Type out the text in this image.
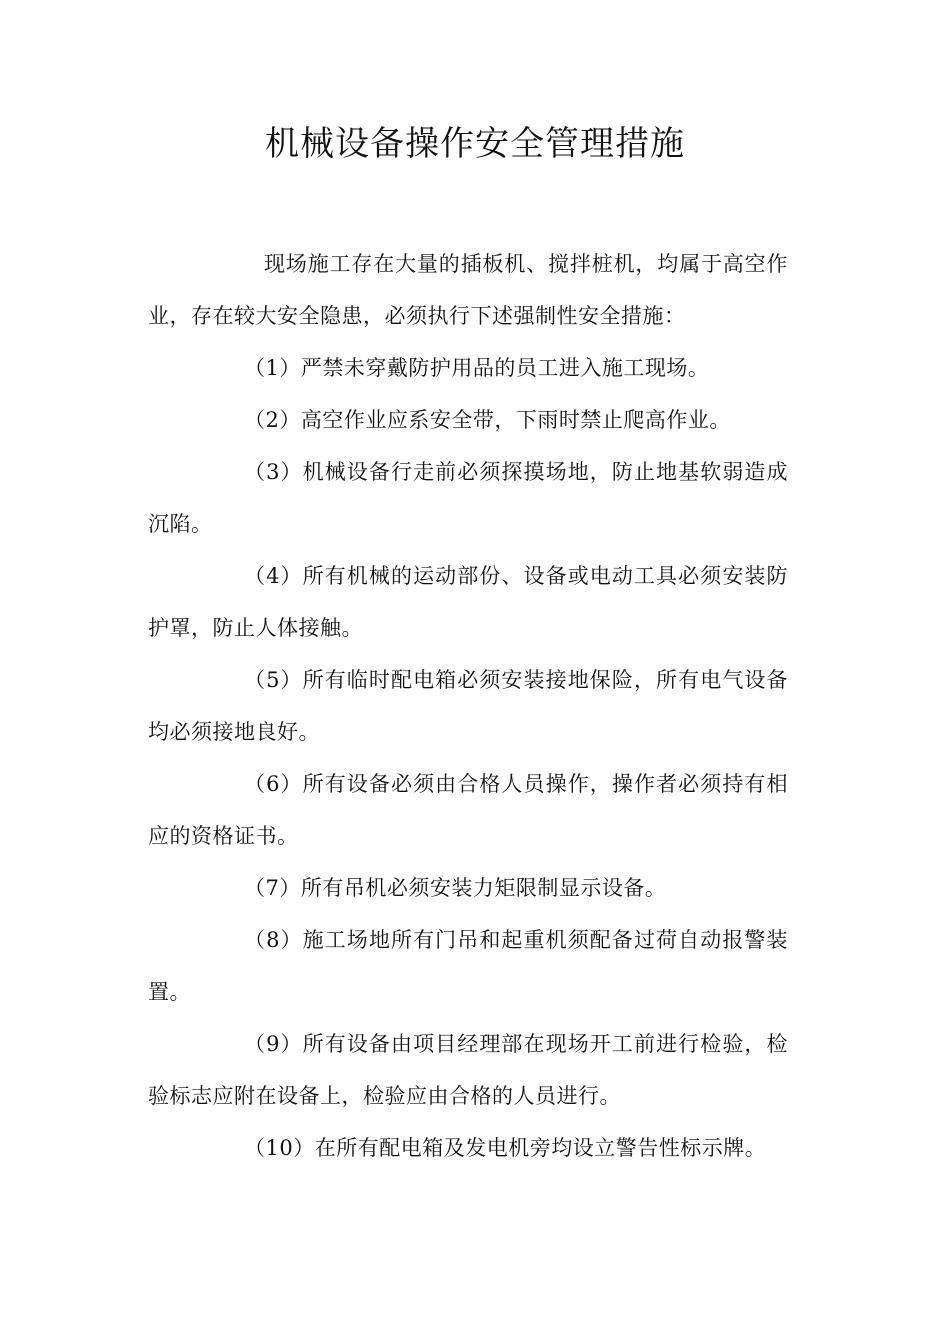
机械设备操作安全管理措施

现场施工存在大量的插板机、搅拌桩机，均属于高空作业，存在较大安全隐患，必须执行下述强制性安全措施：

（1）严禁未穿戴防护用品的员工进入施工现场。

（2）高空作业应系安全带，下雨时禁止爬高作业。

（3）机械设备行走前必须探摸场地，防止地基软弱造成沉陷。

（4）所有机械的运动部份、设备或电动工具必须安装防护罩，防止人体接触。

（5）所有临时配电箱必须安装接地保险，所有电气设备均必须接地良好。

（6）所有设备必须由合格人员操作，操作者必须持有相应的资格证书。

（7）所有吊机必须安装力矩限制显示设备。

（8）施工场地所有门吊和起重机须配备过荷自动报警装置。

（9）所有设备由项目经理部在现场开工前进行检验，检验标志应附在设备上，检验应由合格的人员进行。

（10）在所有配电箱及发电机旁均设立警告性标示牌。
